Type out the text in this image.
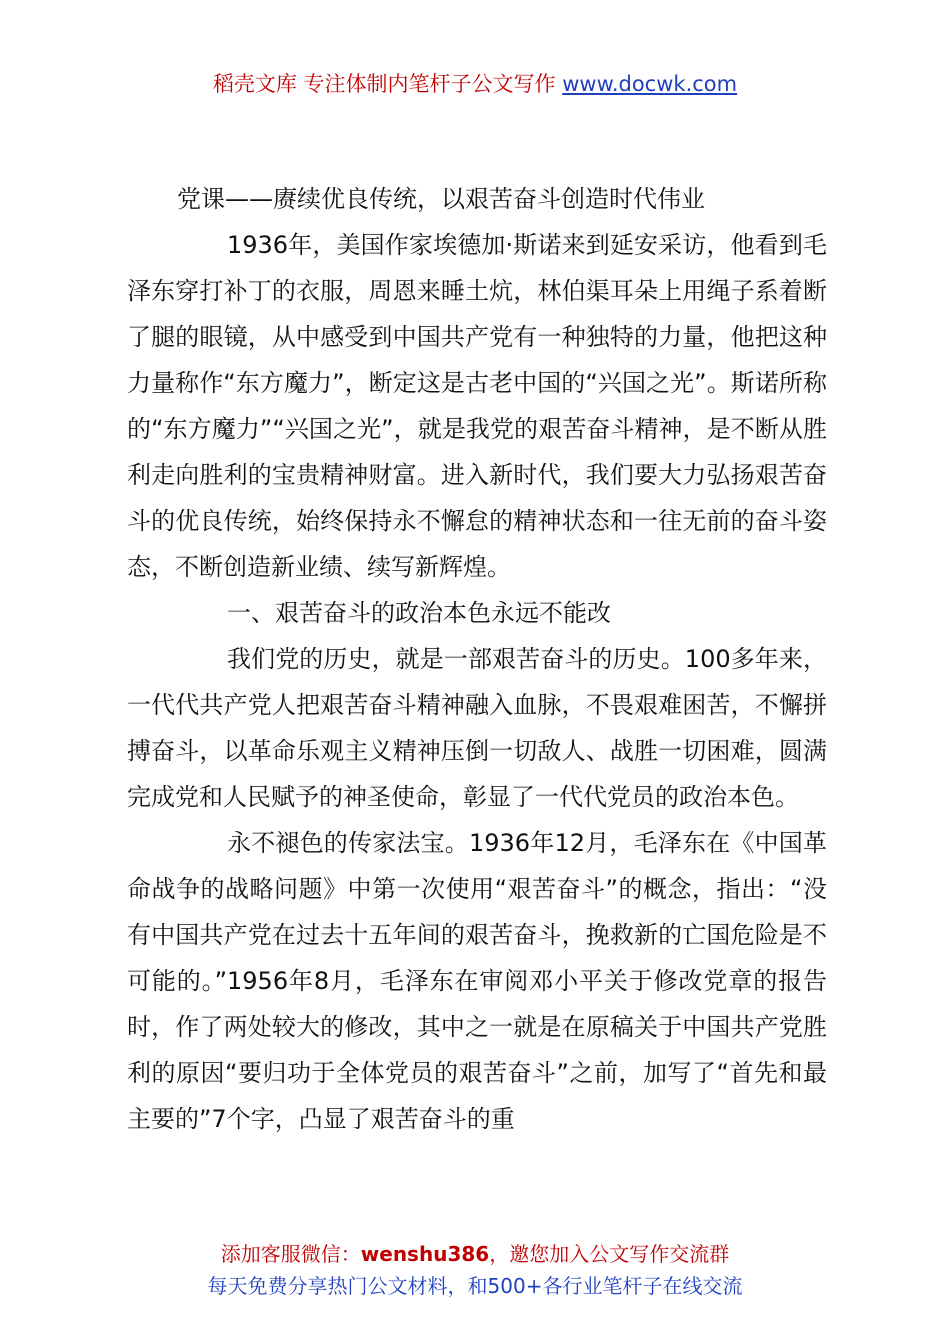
稻壳文库 专注体制内笔杆子公文写作 www.docwk.com

党课——赓续优良传统，以艰苦奋斗创造时代伟业

1936年，美国作家埃德加·斯诺来到延安采访，他看到毛泽东穿打补丁的衣服，周恩来睡土炕，林伯渠耳朵上用绳子系着断了腿的眼镜，从中感受到中国共产党有一种独特的力量，他把这种力量称作“东方魔力”，断定这是古老中国的“兴国之光”。斯诺所称的“东方魔力”“兴国之光”，就是我党的艰苦奋斗精神，是不断从胜利走向胜利的宝贵精神财富。进入新时代，我们要大力弘扬艰苦奋斗的优良传统，始终保持永不懈怠的精神状态和一往无前的奋斗姿态，不断创造新业绩、续写新辉煌。

一、艰苦奋斗的政治本色永远不能改

我们党的历史，就是一部艰苦奋斗的历史。100多年来，一代代共产党人把艰苦奋斗精神融入血脉，不畏艰难困苦，不懈拼搏奋斗，以革命乐观主义精神压倒一切敌人、战胜一切困难，圆满完成党和人民赋予的神圣使命，彰显了一代代党员的政治本色。

永不褪色的传家法宝。1936年12月，毛泽东在《中国革命战争的战略问题》中第一次使用“艰苦奋斗”的概念，指出：“没有中国共产党在过去十五年间的艰苦奋斗，挽救新的亡国危险是不可能的。”1956年8月，毛泽东在审阅邓小平关于修改党章的报告时，作了两处较大的修改，其中之一就是在原稿关于中国共产党胜利的原因“要归功于全体党员的艰苦奋斗”之前，加写了“首先和最主要的”7个字，凸显了艰苦奋斗的重

添加客服微信：wenshu386，邀您加入公文写作交流群
每天免费分享热门公文材料，和500+各行业笔杆子在线交流
